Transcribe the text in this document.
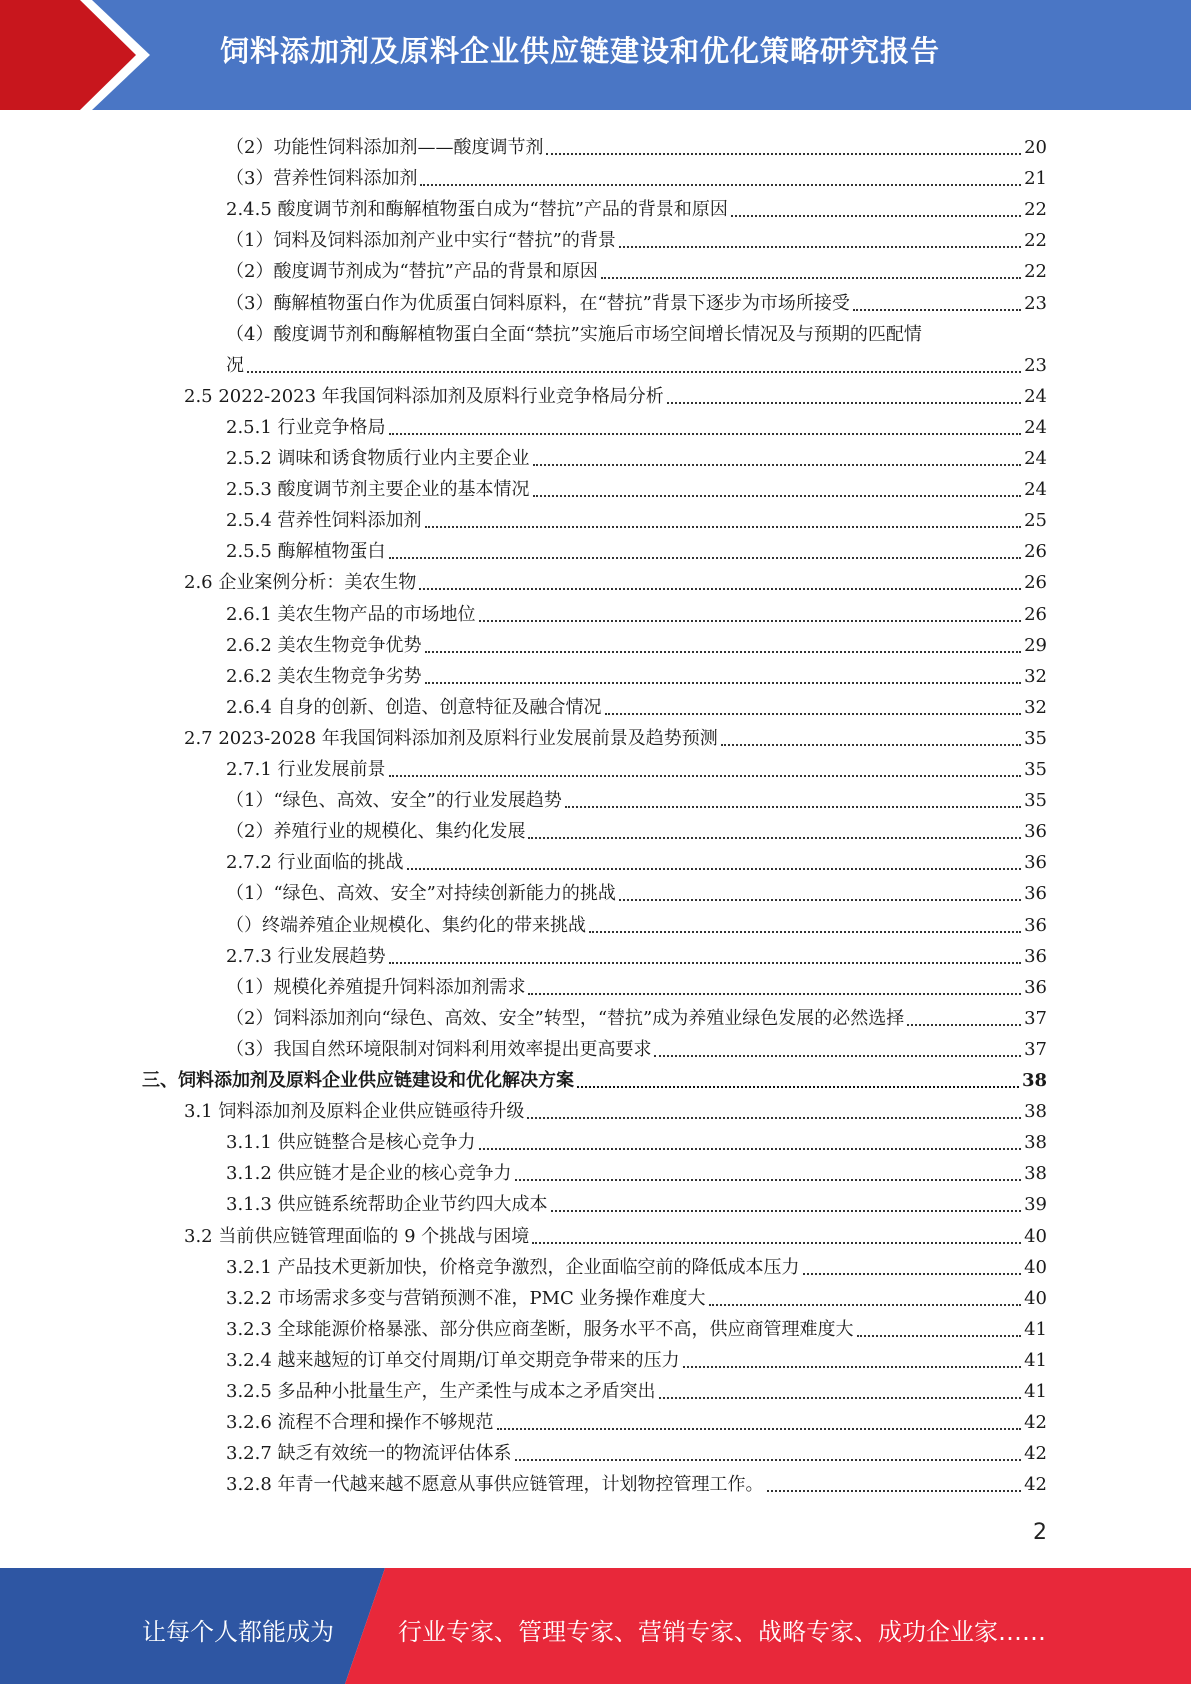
饲料添加剂及原料企业供应链建设和优化策略研究报告
（2）功能性饲料添加剂——酸度调节剂	20
（3）营养性饲料添加剂	21
2.4.5 酸度调节剂和酶解植物蛋白成为“替抗”产品的背景和原因	22
（1）饲料及饲料添加剂产业中实行“替抗”的背景	22
（2）酸度调节剂成为“替抗”产品的背景和原因	22
（3）酶解植物蛋白作为优质蛋白饲料原料，在“替抗”背景下逐步为市场所接受	23
（4）酸度调节剂和酶解植物蛋白全面“禁抗”实施后市场空间增长情况及与预期的匹配情
况	23
2.5 2022-2023 年我国饲料添加剂及原料行业竞争格局分析	24
2.5.1 行业竞争格局	24
2.5.2 调味和诱食物质行业内主要企业	24
2.5.3 酸度调节剂主要企业的基本情况	24
2.5.4 营养性饲料添加剂	25
2.5.5 酶解植物蛋白	26
2.6 企业案例分析：美农生物	26
2.6.1 美农生物产品的市场地位	26
2.6.2 美农生物竞争优势	29
2.6.2 美农生物竞争劣势	32
2.6.4 自身的创新、创造、创意特征及融合情况	32
2.7 2023-2028 年我国饲料添加剂及原料行业发展前景及趋势预测	35
2.7.1 行业发展前景	35
（1）“绿色、高效、安全”的行业发展趋势	35
（2）养殖行业的规模化、集约化发展	36
2.7.2 行业面临的挑战	36
（1）“绿色、高效、安全”对持续创新能力的挑战	36
（）终端养殖企业规模化、集约化的带来挑战	36
2.7.3 行业发展趋势	36
（1）规模化养殖提升饲料添加剂需求	36
（2）饲料添加剂向“绿色、高效、安全”转型，“替抗”成为养殖业绿色发展的必然选择	37
（3）我国自然环境限制对饲料利用效率提出更高要求	37
三、饲料添加剂及原料企业供应链建设和优化解决方案	38
3.1 饲料添加剂及原料企业供应链亟待升级	38
3.1.1 供应链整合是核心竞争力	38
3.1.2 供应链才是企业的核心竞争力	38
3.1.3 供应链系统帮助企业节约四大成本	39
3.2 当前供应链管理面临的 9 个挑战与困境	40
3.2.1 产品技术更新加快，价格竞争激烈，企业面临空前的降低成本压力	40
3.2.2 市场需求多变与营销预测不准，PMC 业务操作难度大	40
3.2.3 全球能源价格暴涨、部分供应商垄断，服务水平不高，供应商管理难度大	41
3.2.4 越来越短的订单交付周期/订单交期竞争带来的压力	41
3.2.5 多品种小批量生产，生产柔性与成本之矛盾突出	41
3.2.6 流程不合理和操作不够规范	42
3.2.7 缺乏有效统一的物流评估体系	42
3.2.8 年青一代越来越不愿意从事供应链管理，计划物控管理工作。	42
2
让每个人都能成为	行业专家、管理专家、营销专家、战略专家、成功企业家……
